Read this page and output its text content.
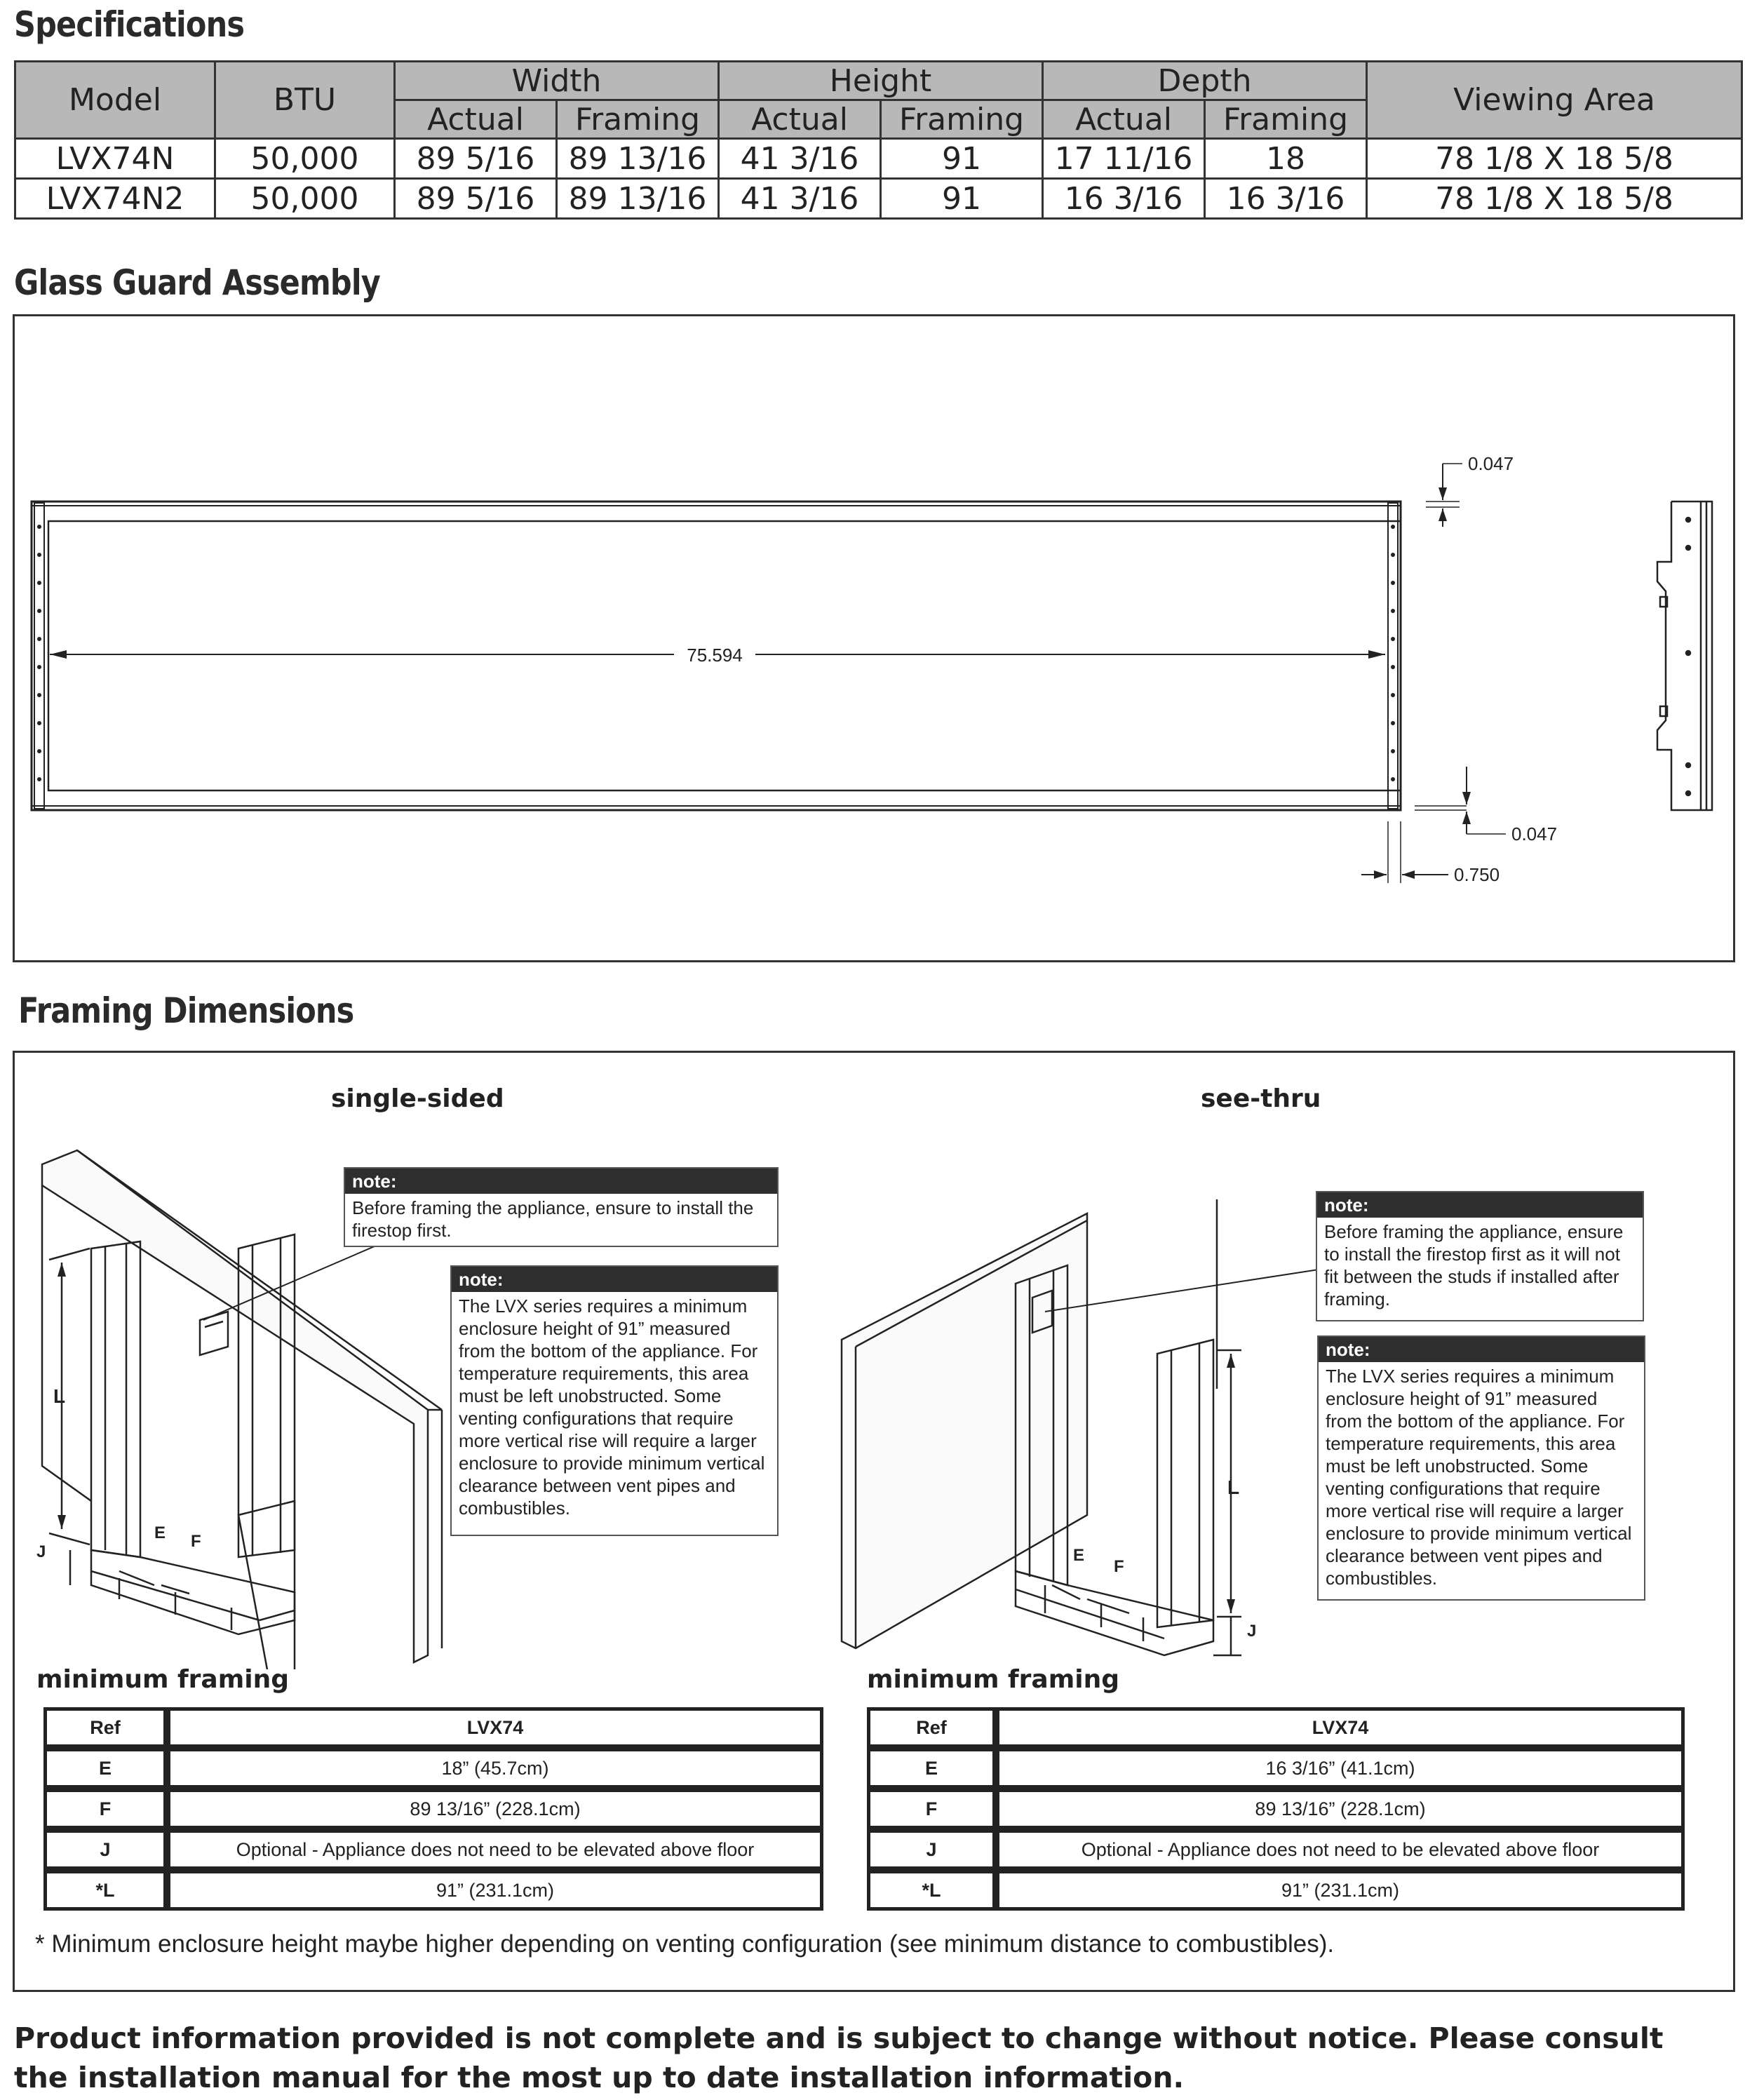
Specifications
Model	BTU	Width		Height		Depth		Viewing Area
		Actual	Framing	Actual	Framing	Actual	Framing	
LVX74N	50,000	89 5/16	89 13/16	41 3/16	91	17 11/16	18	78 1/8 X 18 5/8
LVX74N2	50,000	89 5/16	89 13/16	41 3/16	91	16 3/16	16 3/16	78 1/8 X 18 5/8
Glass Guard Assembly
75.594
0.047
0.047
0.750
Framing Dimensions
single-sided	see-thru
L
J
E F
L
J
E
F
note:
Before framing the appliance, ensure to install the firestop first.
note:
The LVX series requires a minimum enclosure height of 91” measured from the bottom of the appliance. For temperature requirements, this area must be left unobstructed. Some venting configurations that require more vertical rise will require a larger enclosure to provide minimum vertical clearance between vent pipes and combustibles.
note:
Before framing the appliance, ensure to install the firestop first as it will not fit between the studs if installed after framing.
note:
The LVX series requires a minimum enclosure height of 91” measured from the bottom of the appliance. For temperature requirements, this area must be left unobstructed. Some venting configurations that require more vertical rise will require a larger enclosure to provide minimum vertical clearance between vent pipes and combustibles.
minimum framing
Ref	LVX74
E	18” (45.7cm)
F	89 13/16” (228.1cm)
J	Optional - Appliance does not need to be elevated above floor
*L	91” (231.1cm)
minimum framing
Ref	LVX74
E	16 3/16” (41.1cm)
F	89 13/16” (228.1cm)
J	Optional - Appliance does not need to be elevated above floor
*L	91” (231.1cm)
* Minimum enclosure height maybe higher depending on venting configuration (see minimum distance to combustibles).
Product information provided is not complete and is subject to change without notice. Please consult the installation manual for the most up to date installation information.
